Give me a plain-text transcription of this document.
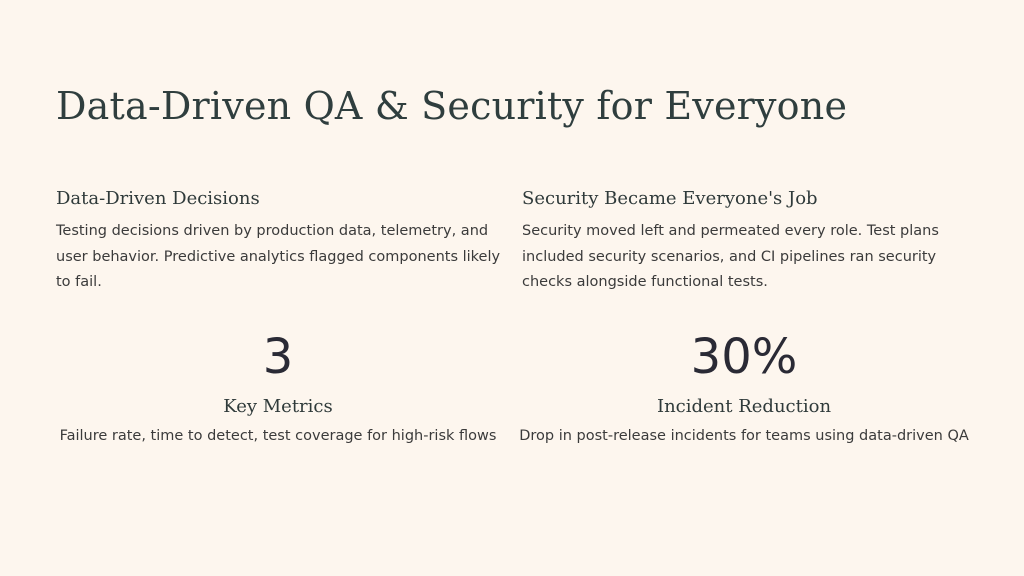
Data-Driven QA & Security for Everyone
Data-Driven Decisions

Testing decisions driven by production data, telemetry, and user behavior. Predictive analytics flagged components likely to fail.

Security Became Everyone's Job

Security moved left and permeated every role. Test plans included security scenarios, and CI pipelines ran security checks alongside functional tests.

3
Key Metrics
Failure rate, time to detect, test coverage for high-risk flows
30%
Incident Reduction
Drop in post-release incidents for teams using data-driven QA
